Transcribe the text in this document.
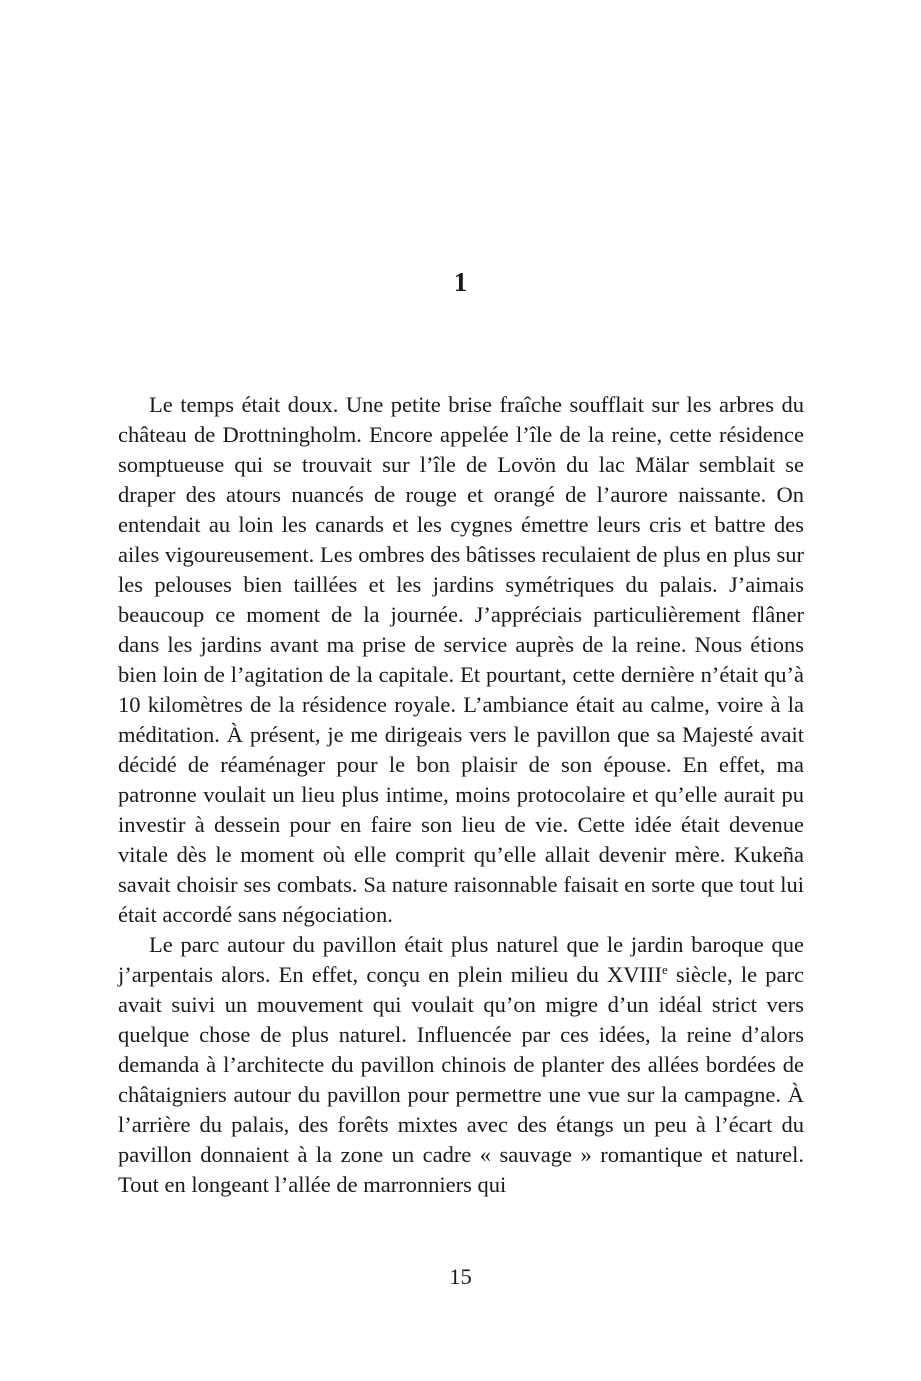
1

Le temps était doux. Une petite brise fraîche soufflait sur les arbres du château de Drottningholm. Encore appelée l’île de la reine, cette résidence somptueuse qui se trouvait sur l’île de Lovön du lac Mälar semblait se draper des atours nuancés de rouge et orangé de l’aurore naissante. On entendait au loin les canards et les cygnes émettre leurs cris et battre des ailes vigoureusement. Les ombres des bâtisses reculaient de plus en plus sur les pelouses bien taillées et les jardins symétriques du palais. J’aimais beaucoup ce moment de la journée. J’appréciais particulièrement flâner dans les jardins avant ma prise de service auprès de la reine. Nous étions bien loin de l’agitation de la capitale. Et pourtant, cette dernière n’était qu’à 10 kilomètres de la résidence royale. L’ambiance était au calme, voire à la méditation. À présent, je me dirigeais vers le pavillon que sa Majesté avait décidé de réaménager pour le bon plaisir de son épouse. En effet, ma patronne voulait un lieu plus intime, moins protocolaire et qu’elle aurait pu investir à dessein pour en faire son lieu de vie. Cette idée était devenue vitale dès le moment où elle comprit qu’elle allait devenir mère. Kukeña savait choisir ses combats. Sa nature raisonnable faisait en sorte que tout lui était accordé sans négociation.

Le parc autour du pavillon était plus naturel que le jardin baroque que j’arpentais alors. En effet, conçu en plein milieu du XVIIIe siècle, le parc avait suivi un mouvement qui voulait qu’on migre d’un idéal strict vers quelque chose de plus naturel. Influencée par ces idées, la reine d’alors demanda à l’architecte du pavillon chinois de planter des allées bordées de châtaigniers autour du pavillon pour permettre une vue sur la campagne. À l’arrière du palais, des forêts mixtes avec des étangs un peu à l’écart du pavillon donnaient à la zone un cadre « sauvage » romantique et naturel. Tout en longeant l’allée de marronniers qui

15
